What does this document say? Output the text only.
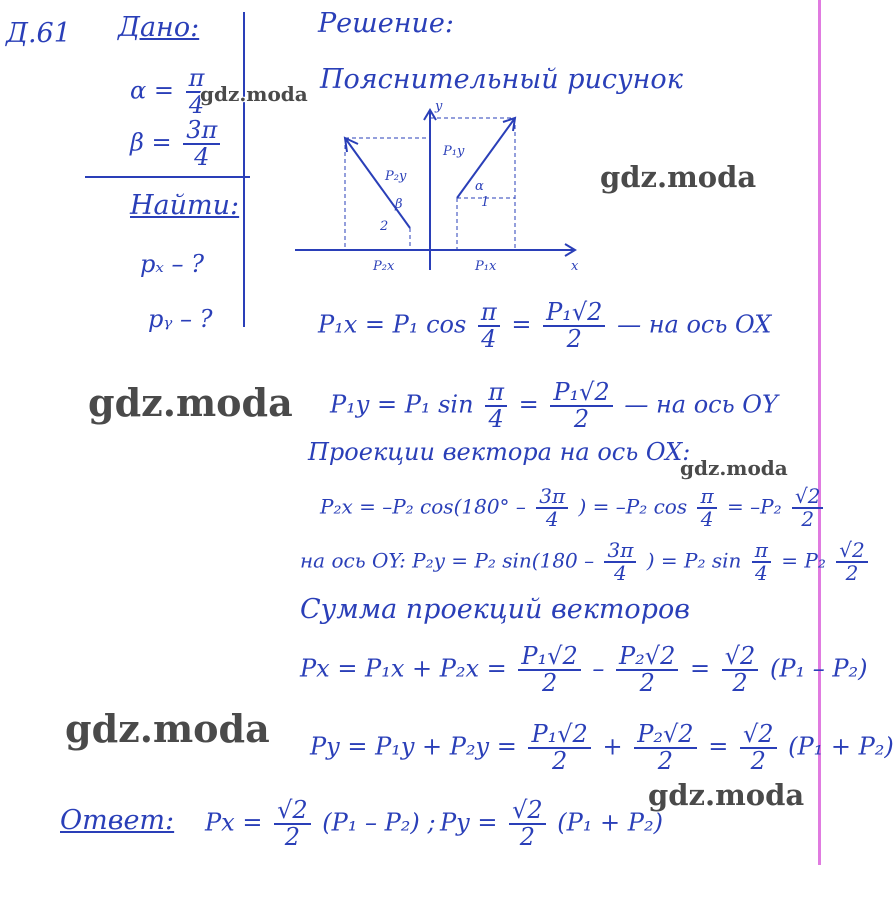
Д.61 Дано:
$\alpha = \frac{\pi}{4}$
$\beta = \frac{3\pi}{4}$
Найти:
pₓ – ?
pᵧ – ?
Решение:
Пояснительный рисунок
x
y
P₁y
P₂y
P₂x	P₁x
α
β	1
2
P₁x = P₁ $\cos \frac{\pi}{4} = \frac{\text{P₁√2}}{2}$ — на ось OX
P₁y = P₁ $\sin \frac{\pi}{4} = \frac{\text{P₁√2}}{2}$ — на ось OY
Проекции вектора на ось OX:
P₂x = –P₂ $\cos(180^\circ - \frac{3\pi}{4}$ ) = –P₂ $\cos \frac{\pi}{4} = -P_2 \frac{√2}{2}$
на ось OY: P₂y = P₂ $\sin(180 - \frac{3\pi}{4}$ ) = P₂ $\sin \frac{\pi}{4} = P_2 \frac{√2}{2}$
Сумма проекций векторов
$Px = P_1x + P_2x = \frac{\text{P₁√2}}{2} - \frac{\text{P₂√2}}{2} = \frac{√2}{2} (P_1 - P_2)$
$Py = P_1y + P_2y = \frac{\text{P₁√2}}{2} + \frac{\text{P₂√2}}{2} = \frac{√2}{2} (P_1 + P_2)$
Ответ: $Px = \frac{√2}{2} (P_1 - P_2)$ ; $Py = \frac{√2}{2} (P_1 + P_2)$
gdz.moda
gdz.moda
gdz.moda
gdz.moda
gdz.moda
gdz.moda
